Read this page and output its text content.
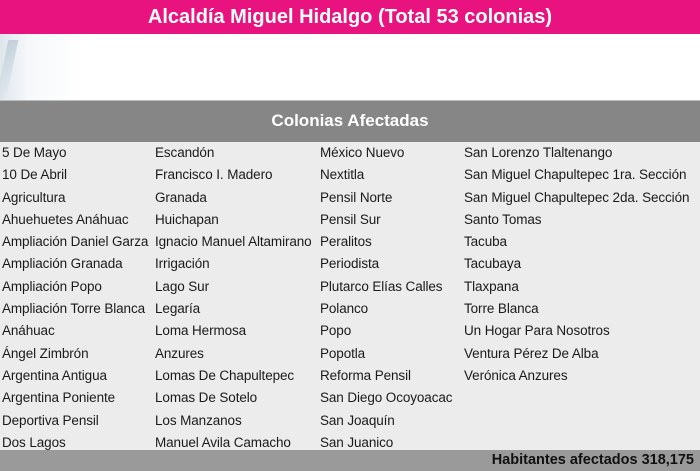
Alcaldía Miguel Hidalgo (Total 53 colonias)
Colonias Afectadas
5 De Mayo
10 De Abril
Agricultura
Ahuehuetes Anáhuac
Ampliación Daniel Garza
Ampliación Granada
Ampliación Popo
Ampliación Torre Blanca
Anáhuac
Ángel Zimbrón
Argentina Antigua
Argentina Poniente
Deportiva Pensil
Dos Lagos
Escandón
Francisco I. Madero
Granada
Huichapan
Ignacio Manuel Altamirano
Irrigación
Lago Sur
Legaría
Loma Hermosa
Anzures
Lomas De Chapultepec
Lomas De Sotelo
Los Manzanos
Manuel Avila Camacho
México Nuevo
Nextitla
Pensil Norte
Pensil Sur
Peralitos
Periodista
Plutarco Elías Calles
Polanco
Popo
Popotla
Reforma Pensil
San Diego Ocoyoacac
San Joaquín
San Juanico
San Lorenzo Tlaltenango
San Miguel Chapultepec 1ra. Sección
San Miguel Chapultepec 2da. Sección
Santo Tomas
Tacuba
Tacubaya
Tlaxpana
Torre Blanca
Un Hogar Para Nosotros
Ventura Pérez De Alba
Verónica Anzures
Habitantes afectados 318,175
